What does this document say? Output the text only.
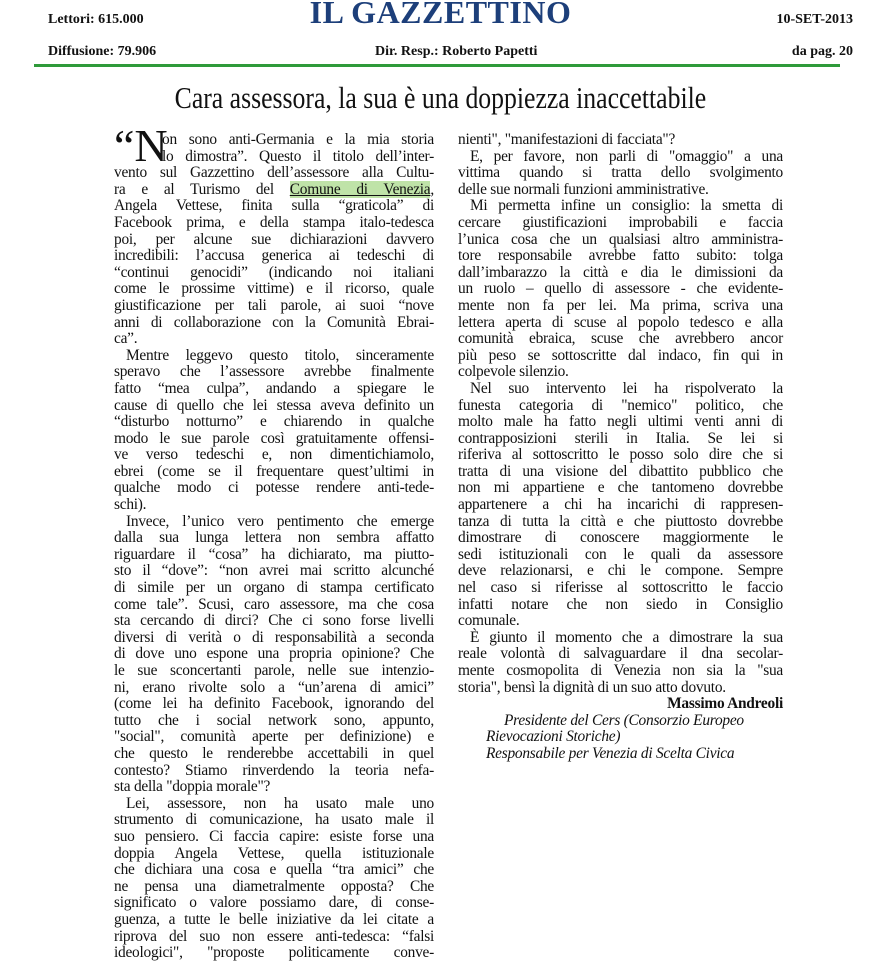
Lettori: 615.000	IL GAZZETTINO	10-SET-2013
Diffusione: 79.906	Dir. Resp.: Roberto Papetti	da pag. 20
Cara assessora, la sua è una doppiezza inaccettabile
“N
on sono anti-Germania e la mia storia
lo dimostra”. Questo il titolo dell’inter-
vento sul Gazzettino dell’assessore alla Cultu-
ra e al Turismo del Comune di Venezia,
Angela Vettese, finita sulla “graticola” di
Facebook prima, e della stampa italo-tedesca
poi, per alcune sue dichiarazioni davvero
incredibili: l’accusa generica ai tedeschi di
“continui genocidi” (indicando noi italiani
come le prossime vittime) e il ricorso, quale
giustificazione per tali parole, ai suoi “nove
anni di collaborazione con la Comunità Ebrai-
ca”.
Mentre leggevo questo titolo, sinceramente
speravo che l’assessore avrebbe finalmente
fatto “mea culpa”, andando a spiegare le
cause di quello che lei stessa aveva definito un
“disturbo notturno” e chiarendo in qualche
modo le sue parole così gratuitamente offensi-
ve verso tedeschi e, non dimentichiamolo,
ebrei (come se il frequentare quest’ultimi in
qualche modo ci potesse rendere anti-tede-
schi).
Invece, l’unico vero pentimento che emerge
dalla sua lunga lettera non sembra affatto
riguardare il “cosa” ha dichiarato, ma piutto-
sto il “dove”: “non avrei mai scritto alcunché
di simile per un organo di stampa certificato
come tale”. Scusi, caro assessore, ma che cosa
sta cercando di dirci? Che ci sono forse livelli
diversi di verità o di responsabilità a seconda
di dove uno espone una propria opinione? Che
le sue sconcertanti parole, nelle sue intenzio-
ni, erano rivolte solo a “un’arena di amici”
(come lei ha definito Facebook, ignorando del
tutto che i social network sono, appunto,
"social", comunità aperte per definizione) e
che questo le renderebbe accettabili in quel
contesto? Stiamo rinverdendo la teoria nefa-
sta della "doppia morale"?
Lei, assessore, non ha usato male uno
strumento di comunicazione, ha usato male il
suo pensiero. Ci faccia capire: esiste forse una
doppia Angela Vettese, quella istituzionale
che dichiara una cosa e quella “tra amici” che
ne pensa una diametralmente opposta? Che
significato o valore possiamo dare, di conse-
guenza, a tutte le belle iniziative da lei citate a
riprova del suo non essere anti-tedesca: “falsi
ideologici", "proposte politicamente conve-
nienti", "manifestazioni di facciata"?
E, per favore, non parli di "omaggio" a una
vittima quando si tratta dello svolgimento
delle sue normali funzioni amministrative.
Mi permetta infine un consiglio: la smetta di
cercare giustificazioni improbabili e faccia
l’unica cosa che un qualsiasi altro amministra-
tore responsabile avrebbe fatto subito: tolga
dall’imbarazzo la città e dia le dimissioni da
un ruolo – quello di assessore - che evidente-
mente non fa per lei. Ma prima, scriva una
lettera aperta di scuse al popolo tedesco e alla
comunità ebraica, scuse che avrebbero ancor
più peso se sottoscritte dal indaco, fin qui in
colpevole silenzio.
Nel suo intervento lei ha rispolverato la
funesta categoria di "nemico" politico, che
molto male ha fatto negli ultimi venti anni di
contrapposizioni sterili in Italia. Se lei si
riferiva al sottoscritto le posso solo dire che si
tratta di una visione del dibattito pubblico che
non mi appartiene e che tantomeno dovrebbe
appartenere a chi ha incarichi di rappresen-
tanza di tutta la città e che piuttosto dovrebbe
dimostrare di conoscere maggiormente le
sedi istituzionali con le quali da assessore
deve relazionarsi, e chi le compone. Sempre
nel caso si riferisse al sottoscritto le faccio
infatti notare che non siedo in Consiglio
comunale.
È giunto il momento che a dimostrare la sua
reale volontà di salvaguardare il dna secolar-
mente cosmopolita di Venezia non sia la "sua
storia", bensì la dignità di un suo atto dovuto.
Massimo Andreoli
Presidente del Cers (Consorzio Europeo
Rievocazioni Storiche)
Responsabile per Venezia di Scelta Civica
